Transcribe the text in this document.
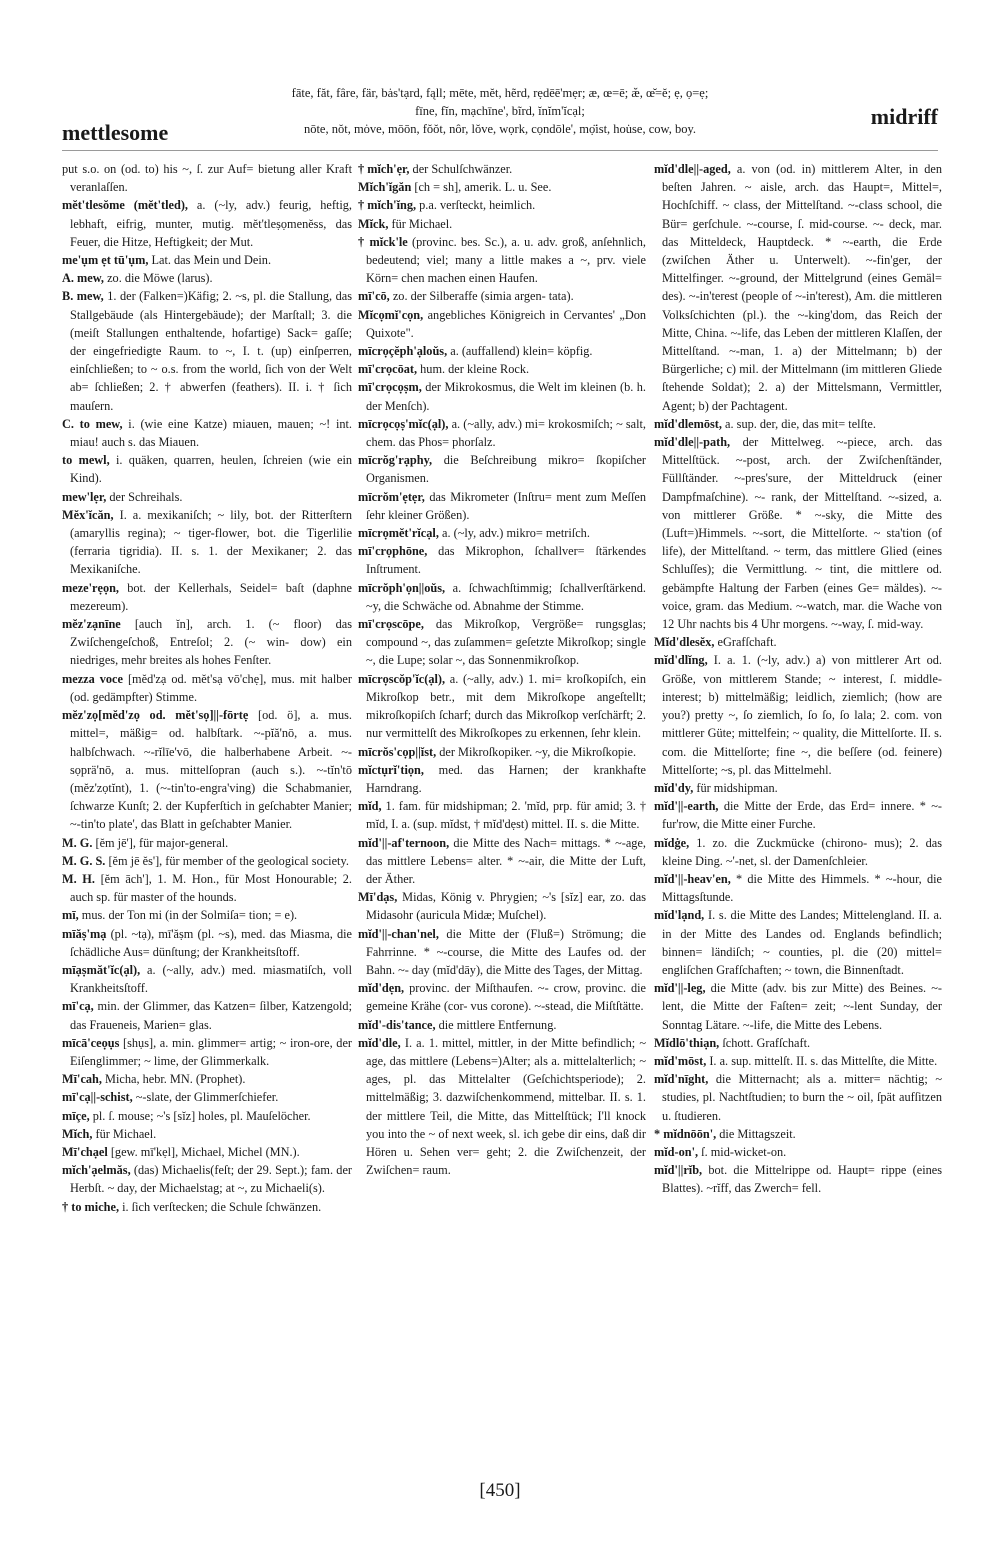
mettlesome
fāte, făt, fâre, fär, bȧs'tạrd, fąll; mēte, mĕt, hẽrd, rẹdēē'mẹr; æ, œ=ē; æ̆, œ̆=ĕ; ẹ, ọ=ẹ;
fīne, fĭn, mạchīne', bĩrd, ĭnĭm'ĭcạl;
nōte, nŏt, mȯve, mōōn, fŏŏt, nôr, lŏve, wọrk, cọndōle', mọ̈ist, hou̇se, cow, boy.	midriff

put s.o. on (od. to) his ~, ſ. zur Auf= bietung aller Kraft veranlaſſen.

mĕt'tlesŏme (mĕt'tled), a. (~ly, adv.) feurig, heftig, lebhaft, eifrig, munter, mutig. mĕt'tleṣọmenĕss, das Feuer, die Hitze, Heftigkeit; der Mut.

me'ụm ẹt tū'ụm, Lat. das Mein und Dein.

A. mew, zo. die Möwe (larus).

B. mew, 1. der (Falken=)Käfig; 2. ~s, pl. die Stallung, das Stallgebäude (als Hintergebäude); der Marſtall; 3. die (meiſt Stallungen enthaltende, hofartige) Sack= gaſſe; der eingefriedigte Raum. to ~, I. t. (up) einſperren, einſchließen; to ~ o.s. from the world, ſich von der Welt ab= ſchließen; 2. † abwerfen (feathers). II. i. † ſich mauſern.

C. to mew, i. (wie eine Katze) miauen, mauen; ~! int. miau! auch s. das Miauen.

to mewl, i. quäken, quarren, heulen, ſchreien (wie ein Kind).

mew'lẹr, der Schreihals.

Mĕx'ĭcăn, I. a. mexikaniſch; ~ lily, bot. der Ritterſtern (amaryllis regina); ~ tiger-flower, bot. die Tigerlilie (ferraria tigridia). II. s. 1. der Mexikaner; 2. das Mexikaniſche.

meze'rẹọn, bot. der Kellerhals, Seidel= baſt (daphne mezereum).

mĕz'zạnīne [auch ĭn], arch. 1. (~ floor) das Zwiſchengeſchoß, Entreſol; 2. (~ win- dow) ein niedriges, mehr breites als hohes Fenſter.

mezza voce [mĕd'zạ od. mĕt'sạ vō'chẹ], mus. mit halber (od. gedämpfter) Stimme.

mĕz'zọ[mĕd'zọ od. mĕt'sọ]||-fōrtẹ [od. ö], a. mus. mittel=, mäßig= od. halbſtark. ~-pĭă'nō, a. mus. halbſchwach. ~-rĭlīe'vō, die halberhabene Arbeit. ~-sọprä'nō, a. mus. mittelſopran (auch s.). ~-tĭn'tō (mĕz'zọtĭnt), 1. (~-tin'to-engra'ving) die Schabmanier, ſchwarze Kunſt; 2. der Kupferſtich in geſchabter Manier; ~-tin'to plate', das Blatt in geſchabter Manier.

M. G. [ĕm jē'], für major-general.

M. G. S. [ĕm jē ĕs'], für member of the geological society.

M. H. [ĕm āch'], 1. M. Hon., für Most Honourable; 2. auch sp. für master of the hounds.

mī, mus. der Ton mi (in der Solmiſa= tion; = e).

mīăṣ'mạ (pl. ~tạ), mī'ăṣm (pl. ~s), med. das Miasma, die ſchädliche Aus= dünſtung; der Krankheitsſtoff.

mīạṣmăt'ĭc(ạl), a. (~ally, adv.) med. miasmatiſch, voll Krankheitsſtoff.

mī'cạ, min. der Glimmer, das Katzen= ſilber, Katzengold; das Fraueneis, Marien= glas.

mīcā'ceọụs [shụs], a. min. glimmer= artig; ~ iron-ore, der Eiſenglimmer; ~ lime, der Glimmerkalk.

Mī'cah, Micha, hebr. MN. (Prophet).

mī'cạ||-schist, ~-slate, der Glimmerſchiefer.

mīçe, pl. ſ. mouse; ~'s [sĭz] holes, pl. Mauſelöcher.

Mĭch, für Michael.

Mī'chạel [gew. mī'kẹl], Michael, Michel (MN.).

mĭch'ạelmăs, (das) Michaelis(feſt; der 29. Sept.); fam. der Herbſt. ~ day, der Michaelstag; at ~, zu Michaeli(s).

† to miche, i. ſich verſtecken; die Schule ſchwänzen.

† mĭch'ẹr, der Schulſchwänzer.

Mĭch'ĭgăn [ch = sh], amerik. L. u. See.

† mĭch'ĭng, p.a. verſteckt, heimlich.

Mĭck, für Michael.

† mĭck'le (provinc. bes. Sc.), a. u. adv. groß, anſehnlich, bedeutend; viel; many a little makes a ~, prv. viele Körn= chen machen einen Haufen.

mī'cō, zo. der Silberaffe (simia argen- tata).

Mĭcọmĭ'cọn, angebliches Königreich in Cervantes' „Don Quixote".

mīcrọçĕph'ạloŭs, a. (auffallend) klein= köpfig.

mī'crọcōat, hum. der kleine Rock.

mī'crọcọṣm, der Mikrokosmus, die Welt im kleinen (b. h. der Menſch).

mīcrọcọṣ'mĭc(ạl), a. (~ally, adv.) mi= krokosmiſch; ~ salt, chem. das Phos= phorſalz.

mīcrŏg'rạphy, die Beſchreibung mikro= ſkopiſcher Organismen.

mīcrŏm'ẹtẹr, das Mikrometer (Inſtru= ment zum Meſſen ſehr kleiner Größen).

mīcrọmĕt'rĭcạl, a. (~ly, adv.) mikro= metriſch.

mī'crọphōne, das Mikrophon, ſchallver= ſtärkendes Inſtrument.

mīcrŏph'ọn||oŭs, a. ſchwachſtimmig; ſchallverſtärkend. ~y, die Schwäche od. Abnahme der Stimme.

mī'crọscōpe, das Mikroſkop, Vergröße= rungsglas; compound ~, das zuſammen= geſetzte Mikroſkop; single ~, die Lupe; solar ~, das Sonnenmikroſkop.

mīcrọscŏp'ĭc(ạl), a. (~ally, adv.) 1. mi= kroſkopiſch, ein Mikroſkop betr., mit dem Mikroſkope angeſtellt; mikroſkopiſch ſcharf; durch das Mikroſkop verſchärft; 2. nur vermittelſt des Mikroſkopes zu erkennen, ſehr klein.

mīcrŏs'cọp||ĭst, der Mikroſkopiker. ~y, die Mikroſkopie.

mĭctụrĭ'tiọn, med. das Harnen; der krankhafte Harndrang.

mĭd, 1. fam. für midshipman; 2. 'mĭd, prp. für amid; 3. † mĭd, I. a. (sup. mĭdst, † mĭd'dẹst) mittel. II. s. die Mitte.

mĭd'||-af'ternoon, die Mitte des Nach= mittags. * ~-age, das mittlere Lebens= alter. * ~-air, die Mitte der Luft, der Äther.

Mī'dạs, Midas, König v. Phrygien; ~'s [sĭz] ear, zo. das Midasohr (auricula Midæ; Muſchel).

mĭd'||-chan'nel, die Mitte der (Fluß=) Strömung; die Fahrrinne. * ~-course, die Mitte des Laufes od. der Bahn. ~- day (mĭd'dāy), die Mitte des Tages, der Mittag.

mĭd'dẹn, provinc. der Miſthaufen. ~- crow, provinc. die gemeine Krähe (cor- vus corone). ~-stead, die Miſtſtätte.

mĭd'-dis'tance, die mittlere Entfernung.

mĭd'dle, I. a. 1. mittel, mittler, in der Mitte befindlich; ~ age, das mittlere (Lebens=)Alter; als a. mittelalterlich; ~ ages, pl. das Mittelalter (Geſchichtsperiode); 2. mittelmäßig; 3. dazwiſchenkommend, mittelbar. II. s. 1. der mittlere Teil, die Mitte, das Mittelſtück; I'll knock you into the ~ of next week, sl. ich gebe dir eins, daß dir Hören u. Sehen ver= geht; 2. die Zwiſchenzeit, der Zwiſchen= raum.

mĭd'dle||-aged, a. von (od. in) mittlerem Alter, in den beſten Jahren. ~ aisle, arch. das Haupt=, Mittel=, Hochſchiff. ~ class, der Mittelſtand. ~-class school, die Bür= gerſchule. ~-course, ſ. mid-course. ~- deck, mar. das Mitteldeck, Hauptdeck. * ~-earth, die Erde (zwiſchen Äther u. Unterwelt). ~-fin'ger, der Mittelfinger. ~-ground, der Mittelgrund (eines Gemäl= des). ~-in'terest (people of ~-in'terest), Am. die mittleren Volksſchichten (pl.). the ~-king'dom, das Reich der Mitte, China. ~-life, das Leben der mittleren Klaſſen, der Mittelſtand. ~-man, 1. a) der Mittelmann; b) der Bürgerliche; c) mil. der Mittelmann (im mittleren Gliede ſtehende Soldat); 2. a) der Mittelsmann, Vermittler, Agent; b) der Pachtagent.

mĭd'dlemōst, a. sup. der, die, das mit= telſte.

mĭd'dle||-path, der Mittelweg. ~-piece, arch. das Mittelſtück. ~-post, arch. der Zwiſchenſtänder, Füllſtänder. ~-pres'sure, der Mitteldruck (einer Dampfmaſchine). ~- rank, der Mittelſtand. ~-sized, a. von mittlerer Größe. * ~-sky, die Mitte des (Luft=)Himmels. ~-sort, die Mittelſorte. ~ sta'tion (of life), der Mittelſtand. ~ term, das mittlere Glied (eines Schluſſes); die Vermittlung. ~ tint, die mittlere od. gebämpfte Haltung der Farben (eines Ge= mäldes). ~-voice, gram. das Medium. ~-watch, mar. die Wache von 12 Uhr nachts bis 4 Uhr morgens. ~-way, ſ. mid-way.

Mĭd'dlesĕx, eGrafſchaft.

mĭd'dlĭng, I. a. 1. (~ly, adv.) a) von mittlerer Art od. Größe, von mittlerem Stande; ~ interest, ſ. middle-interest; b) mittelmäßig; leidlich, ziemlich; (how are you?) pretty ~, ſo ziemlich, ſo ſo, ſo lala; 2. com. von mittlerer Güte; mittelfein; ~ quality, die Mittelſorte. II. s. com. die Mittelſorte; fine ~, die beſſere (od. feinere) Mittelſorte; ~s, pl. das Mittelmehl.

mĭd'dy, für midshipman.

mĭd'||-earth, die Mitte der Erde, das Erd= innere. * ~-fur'row, die Mitte einer Furche.

mĭdġe, 1. zo. die Zuckmücke (chirono- mus); 2. das kleine Ding. ~'-net, sl. der Damenſchleier.

mĭd'||-heav'en, * die Mitte des Himmels. * ~-hour, die Mittagsſtunde.

mĭd'lạnd, I. s. die Mitte des Landes; Mittelengland. II. a. in der Mitte des Landes od. Englands befindlich; binnen= ländiſch; ~ counties, pl. die (20) mittel= engliſchen Grafſchaften; ~ town, die Binnenſtadt.

mĭd'||-leg, die Mitte (adv. bis zur Mitte) des Beines. ~-lent, die Mitte der Faſten= zeit; ~-lent Sunday, der Sonntag Lätare. ~-life, die Mitte des Lebens.

Mĭdlō'thiạn, ſchott. Grafſchaft.

mĭd'mōst, I. a. sup. mittelſt. II. s. das Mittelſte, die Mitte.

mĭd'nīght, die Mitternacht; als a. mitter= nächtig; ~ studies, pl. Nachtſtudien; to burn the ~ oil, ſpät aufſitzen u. ſtudieren.

* mĭdnōōn', die Mittagszeit.

mĭd-on', ſ. mid-wicket-on.

mĭd'||rĭb, bot. die Mittelrippe od. Haupt= rippe (eines Blattes). ~rĭff, das Zwerch= fell.

[450]
